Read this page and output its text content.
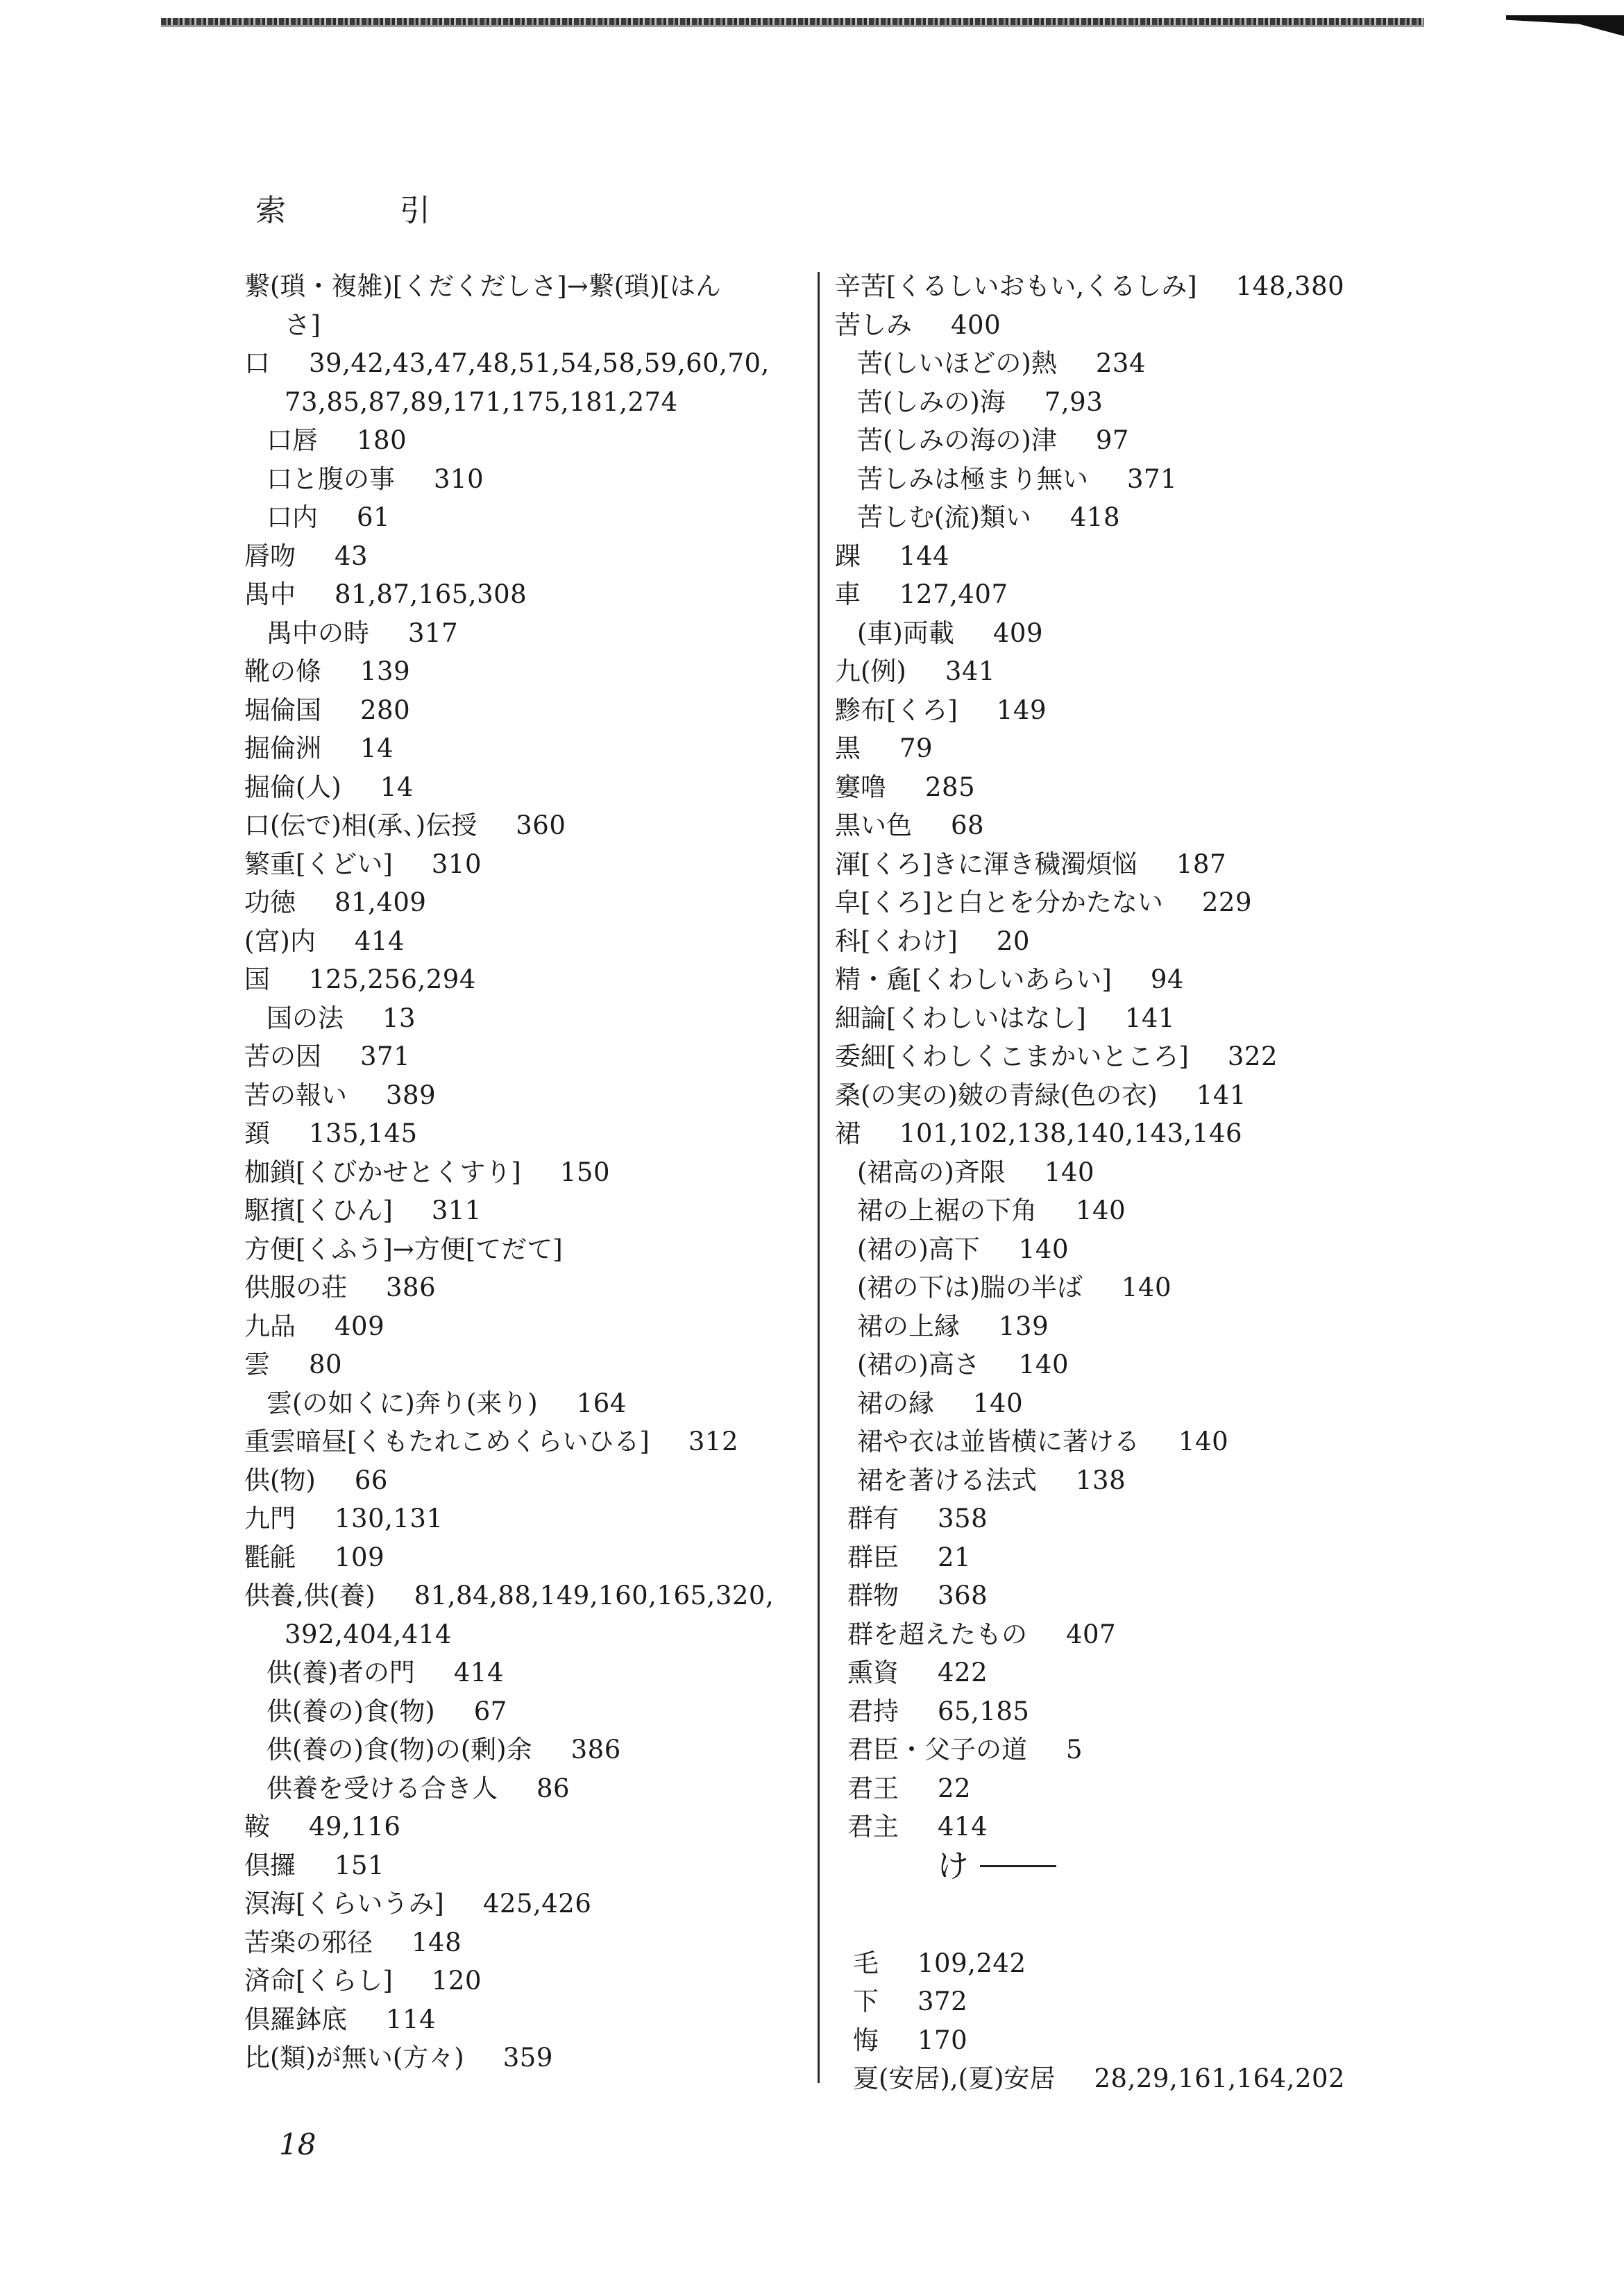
索　引
繋(瑣・複雑)[くだくだしさ]→繋(瑣)[はん
さ]
口 39,42,43,47,48,51,54,58,59,60,70,
73,85,87,89,171,175,181,274
口唇 180
口と腹の事 310
口内 61
脣吻 43
禺中 81,87,165,308
禺中の時 317
靴の條 139
堀倫国 280
掘倫洲 14
掘倫(人) 14
口(伝で)相(承、)伝授 360
繁重[くどい] 310
功徳 81,409
(宮)内 414
国 125,256,294
国の法 13
苦の因 371
苦の報い 389
頚 135,145
枷鎖[くびかせとくすり] 150
駆擯[くひん] 311
方便[くふう]→方便[てだて]
供服の荘 386
九品 409
雲 80
雲(の如くに)奔り(来り) 164
重雲暗昼[くもたれこめくらいひる] 312
供(物) 66
九門 130,131
氍毹 109
供養,供(養) 81,84,88,149,160,165,320,
392,404,414
供(養)者の門 414
供(養の)食(物) 67
供(養の)食(物)の(剰)余 386
供養を受ける合き人 86
鞍 49,116
倶攞 151
溟海[くらいうみ] 425,426
苦楽の邪径 148
済命[くらし] 120
倶羅鉢底 114
比(類)が無い(方々) 359
辛苦[くるしいおもい,くるしみ] 148,380
苦しみ 400
苦(しいほどの)熱 234
苦(しみの)海 7,93
苦(しみの海の)津 97
苦しみは極まり無い 371
苦しむ(流)類い 418
踝 144
車 127,407
(車)両載 409
九(例) 341
黪布[くろ] 149
黒 79
窶噜 285
黒い色 68
渾[くろ]きに渾き穢濁煩悩 187
皁[くろ]と白とを分かたない 229
科[くわけ] 20
精・麁[くわしいあらい] 94
細論[くわしいはなし] 141
委細[くわしくこまかいところ] 322
桑(の実の)皴の青緑(色の衣) 141
裙 101,102,138,140,143,146
(裙高の)斉限 140
裙の上裾の下角 140
(裙の)高下 140
(裙の下は)腨の半ば 140
裙の上縁 139
(裙の)高さ 140
裙の縁 140
裙や衣は並皆横に著ける 140
裙を著ける法式 138
群有 358
群臣 21
群物 368
群を超えたもの 407
熏資 422
君持 65,185
君臣・父子の道 5
君王 22
君主 414
毛 109,242
下 372
悔 170
夏(安居),(夏)安居 28,29,161,164,202
け
18
